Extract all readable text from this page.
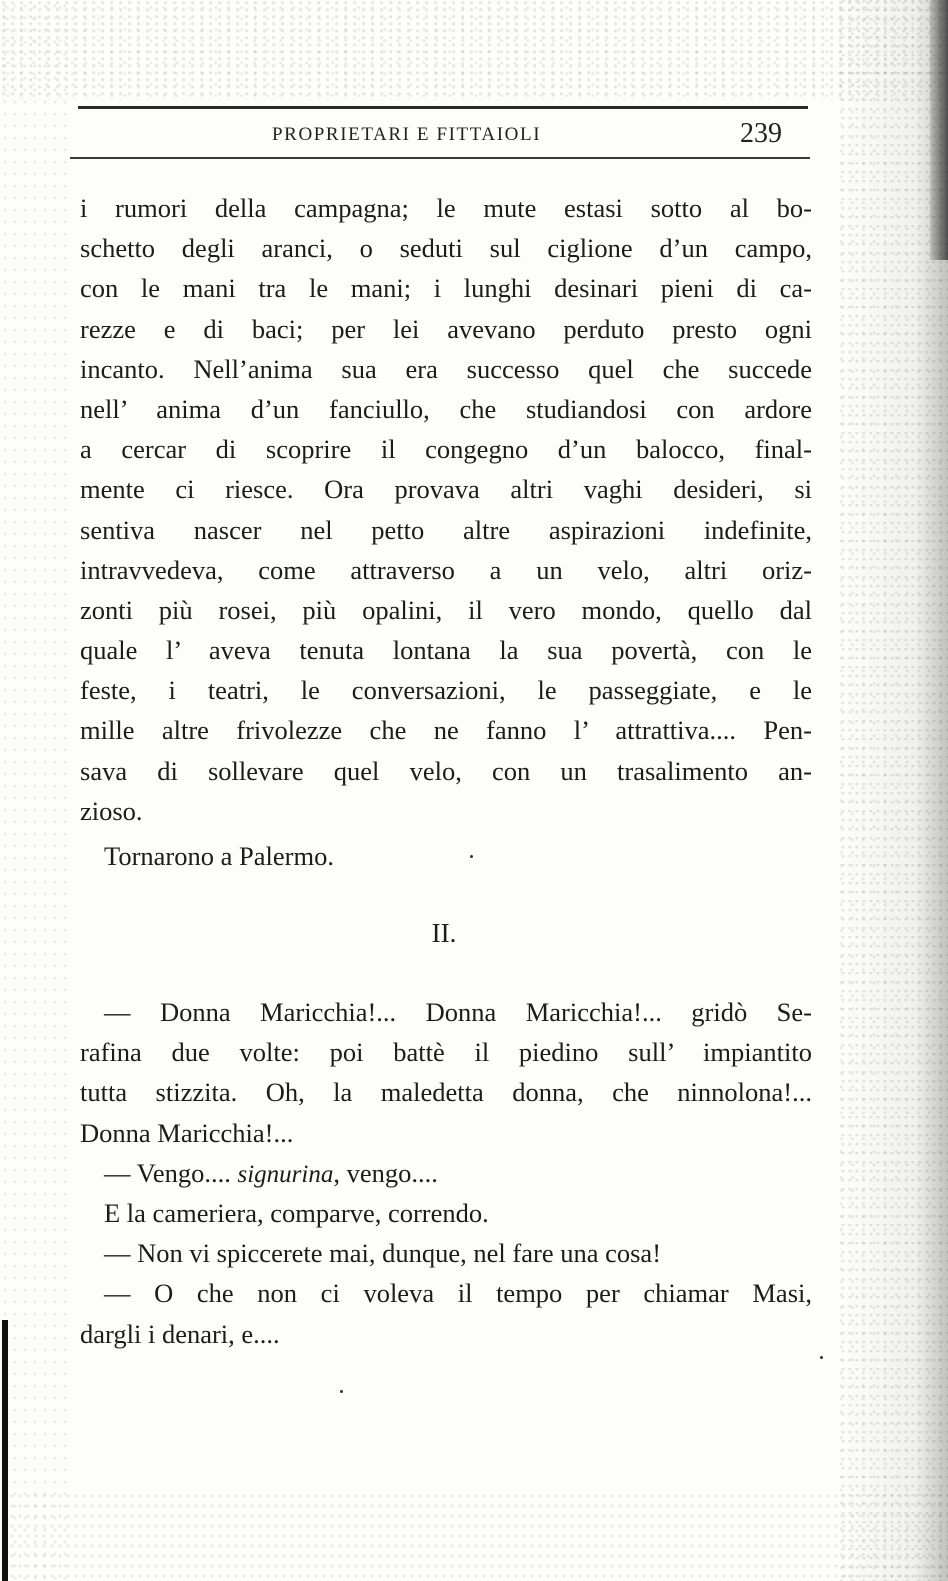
PROPRIETARI E FITTAIOLI	239
i rumori della campagna; le mute estasi sotto al bo-
schetto degli aranci, o seduti sul ciglione d’un campo,
con le mani tra le mani; i lunghi desinari pieni di ca-
rezze e di baci; per lei avevano perduto presto ogni
incanto. Nell’anima sua era successo quel che succede
nell’ anima d’un fanciullo, che studiandosi con ardore
a cercar di scoprire il congegno d’un balocco, final-
mente ci riesce. Ora provava altri vaghi desideri, si
sentiva nascer nel petto altre aspirazioni indefinite,
intravvedeva, come attraverso a un velo, altri oriz-
zonti più rosei, più opalini, il vero mondo, quello dal
quale l’ aveva tenuta lontana la sua povertà, con le
feste, i teatri, le conversazioni, le passeggiate, e le
mille altre frivolezze che ne fanno l’ attrattiva.... Pen-
sava di sollevare quel velo, con un trasalimento an-
zioso.
Tornarono a Palermo.
II.
— Donna Maricchia!... Donna Maricchia!... gridò Se-
rafina due volte: poi battè il piedino sull’ impiantito
tutta stizzita. Oh, la maledetta donna, che ninnolona!...
Donna Maricchia!...
— Vengo.... signurina, vengo....
E la cameriera, comparve, correndo.
— Non vi spiccerete mai, dunque, nel fare una cosa!
— O che non ci voleva il tempo per chiamar Masi,
dargli i denari, e....
